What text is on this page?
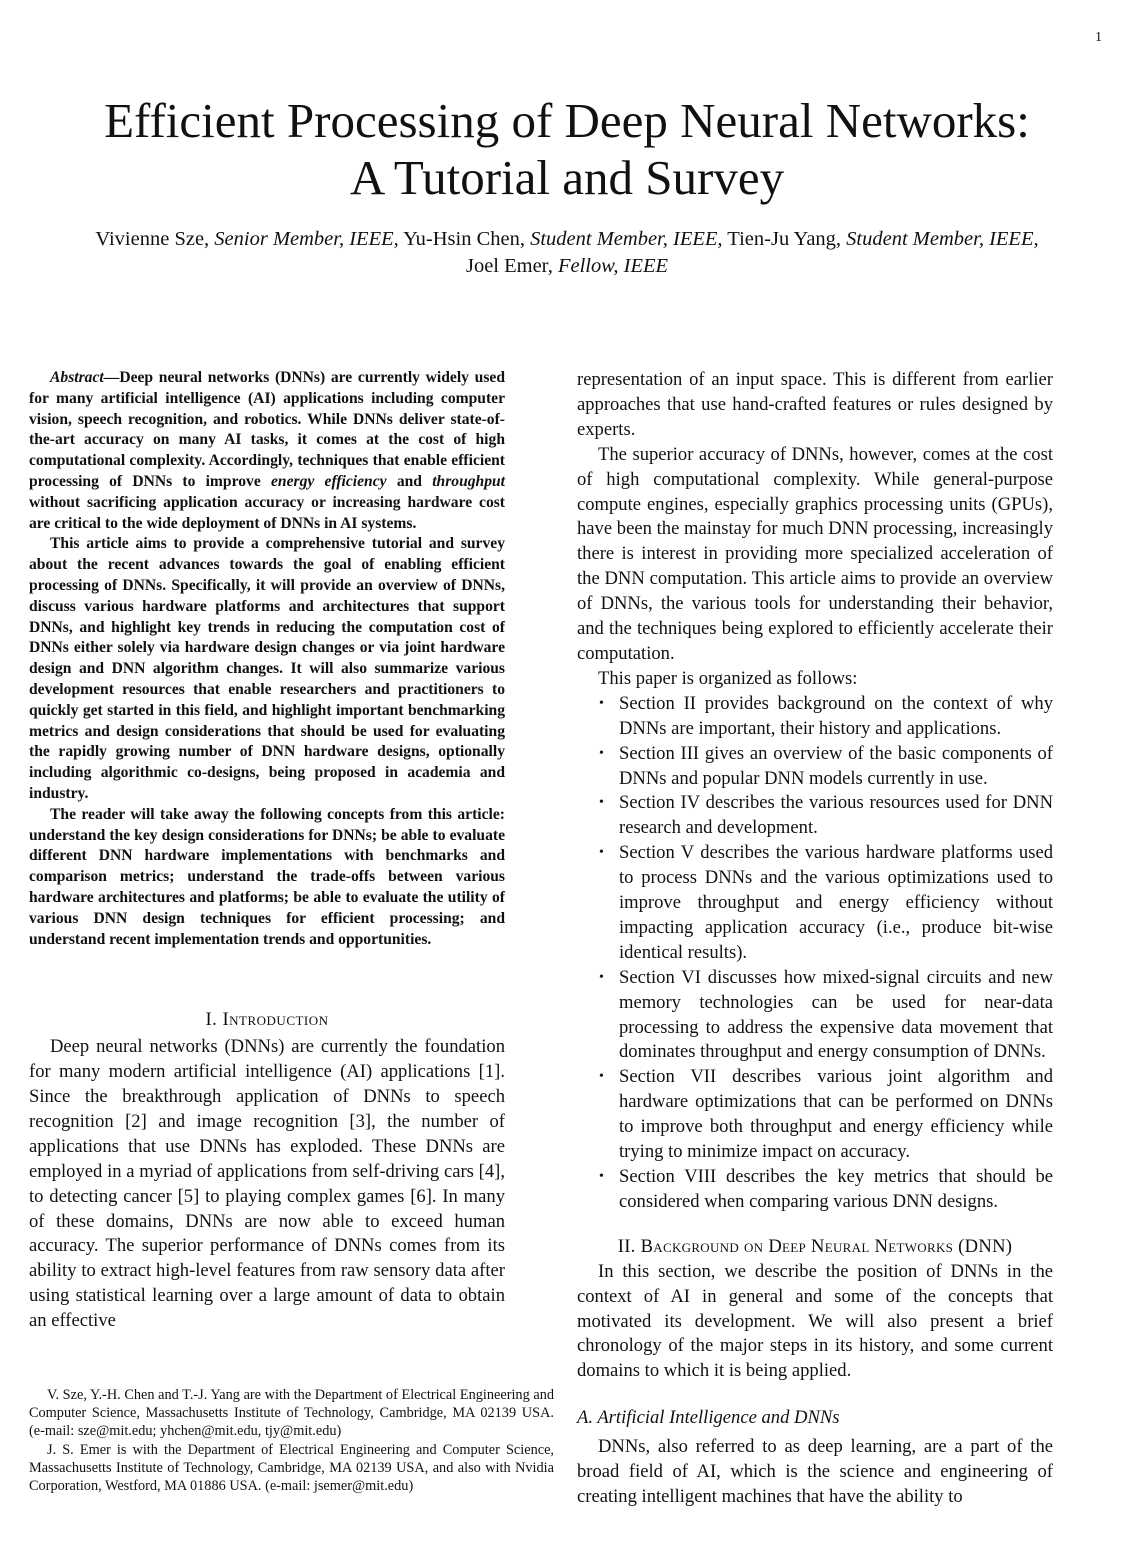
1
Efficient Processing of Deep Neural Networks:
A Tutorial and Survey
Vivienne Sze, Senior Member, IEEE, Yu-Hsin Chen, Student Member, IEEE, Tien-Ju Yang, Student Member, IEEE, Joel Emer, Fellow, IEEE

Abstract—Deep neural networks (DNNs) are currently widely used for many artificial intelligence (AI) applications including computer vision, speech recognition, and robotics. While DNNs deliver state-of-the-art accuracy on many AI tasks, it comes at the cost of high computational complexity. Accordingly, techniques that enable efficient processing of DNNs to improve energy efficiency and throughput without sacrificing application accuracy or increasing hardware cost are critical to the wide deployment of DNNs in AI systems.

This article aims to provide a comprehensive tutorial and survey about the recent advances towards the goal of enabling efficient processing of DNNs. Specifically, it will provide an overview of DNNs, discuss various hardware platforms and architectures that support DNNs, and highlight key trends in reducing the computation cost of DNNs either solely via hardware design changes or via joint hardware design and DNN algorithm changes. It will also summarize various development resources that enable researchers and practitioners to quickly get started in this field, and highlight important benchmarking metrics and design considerations that should be used for evaluating the rapidly growing number of DNN hardware designs, optionally including algorithmic co-designs, being proposed in academia and industry.

The reader will take away the following concepts from this article: understand the key design considerations for DNNs; be able to evaluate different DNN hardware implementations with benchmarks and comparison metrics; understand the trade-offs between various hardware architectures and platforms; be able to evaluate the utility of various DNN design techniques for efficient processing; and understand recent implementation trends and opportunities.

I. Introduction

Deep neural networks (DNNs) are currently the foundation for many modern artificial intelligence (AI) applications [1]. Since the breakthrough application of DNNs to speech recognition [2] and image recognition [3], the number of applications that use DNNs has exploded. These DNNs are employed in a myriad of applications from self-driving cars [4], to detecting cancer [5] to playing complex games [6]. In many of these domains, DNNs are now able to exceed human accuracy. The superior performance of DNNs comes from its ability to extract high-level features from raw sensory data after using statistical learning over a large amount of data to obtain an effective

V. Sze, Y.-H. Chen and T.-J. Yang are with the Department of Electrical Engineering and Computer Science, Massachusetts Institute of Technology, Cambridge, MA 02139 USA. (e-mail: sze@mit.edu; yhchen@mit.edu, tjy@mit.edu)

J. S. Emer is with the Department of Electrical Engineering and Computer Science, Massachusetts Institute of Technology, Cambridge, MA 02139 USA, and also with Nvidia Corporation, Westford, MA 01886 USA. (e-mail: jsemer@mit.edu)

representation of an input space. This is different from earlier approaches that use hand-crafted features or rules designed by experts.

The superior accuracy of DNNs, however, comes at the cost of high computational complexity. While general-purpose compute engines, especially graphics processing units (GPUs), have been the mainstay for much DNN processing, increasingly there is interest in providing more specialized acceleration of the DNN computation. This article aims to provide an overview of DNNs, the various tools for understanding their behavior, and the techniques being explored to efficiently accelerate their computation.

This paper is organized as follows:

• Section II provides background on the context of why DNNs are important, their history and applications.
• Section III gives an overview of the basic components of DNNs and popular DNN models currently in use.
• Section IV describes the various resources used for DNN research and development.
• Section V describes the various hardware platforms used to process DNNs and the various optimizations used to improve throughput and energy efficiency without impacting application accuracy (i.e., produce bit-wise identical results).
• Section VI discusses how mixed-signal circuits and new memory technologies can be used for near-data processing to address the expensive data movement that dominates throughput and energy consumption of DNNs.
• Section VII describes various joint algorithm and hardware optimizations that can be performed on DNNs to improve both throughput and energy efficiency while trying to minimize impact on accuracy.
• Section VIII describes the key metrics that should be considered when comparing various DNN designs.
II. Background on Deep Neural Networks (DNN)

In this section, we describe the position of DNNs in the context of AI in general and some of the concepts that motivated its development. We will also present a brief chronology of the major steps in its history, and some current domains to which it is being applied.

A. Artificial Intelligence and DNNs

DNNs, also referred to as deep learning, are a part of the broad field of AI, which is the science and engineering of creating intelligent machines that have the ability to
